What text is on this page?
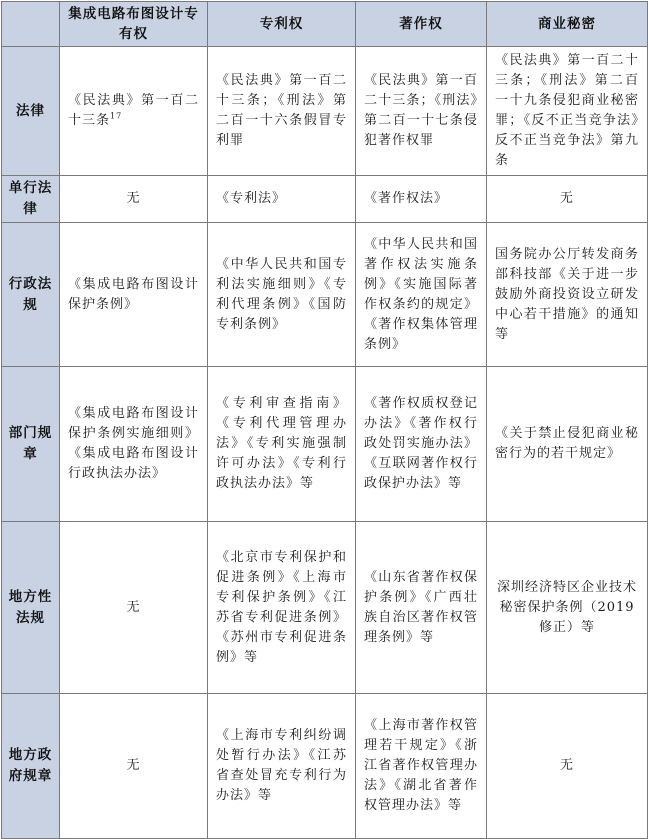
	集成电路布图设计专有权	专利权	著作权	商业秘密
法律	《民法典》第一百二十三条$^{17}$	《民法典》第一百二十三条；《刑法》第二百一十六条假冒专利罪	《民法典》第一百二十三条；《刑法》第二百一十七条侵犯著作权罪	《民法典》第一百二十三条；《刑法》第二百一十九条侵犯商业秘密罪；《反不正当竞争法》反不正当竞争法》第九条
单行法律	无	《专利法》	《著作权法》	无
行政法规	《集成电路布图设计保护条例》	《中华人民共和国专利法实施细则》《专利代理条例》《国防专利条例》	《中华人民共和国著作权法实施条例》《实施国际著作权条约的规定》《著作权集体管理条例》	国务院办公厅转发商务部科技部《关于进一步鼓励外商投资设立研发中心若干措施》的通知等
部门规章	《集成电路布图设计保护条例实施细则》《集成电路布图设计行政执法办法》	《专利审查指南》《专利代理管理办法》《专利实施强制许可办法》《专利行政执法办法》等	《著作权质权登记办法》《著作权行政处罚实施办法》《互联网著作权行政保护办法》等	《关于禁止侵犯商业秘密行为的若干规定》
地方性法规	无	《北京市专利保护和促进条例》《上海市专利保护条例》《江苏省专利促进条例》《苏州市专利促进条例》等	《山东省著作权保护条例》《广西壮族自治区著作权管理条例》等	深圳经济特区企业技术秘密保护条例（2019修正）等
地方政府规章	无	《上海市专利纠纷调处暂行办法》《江苏省查处冒充专利行为办法》等	《上海市著作权管理若干规定》《浙江省著作权管理办法》《湖北省著作权管理办法》等	无
